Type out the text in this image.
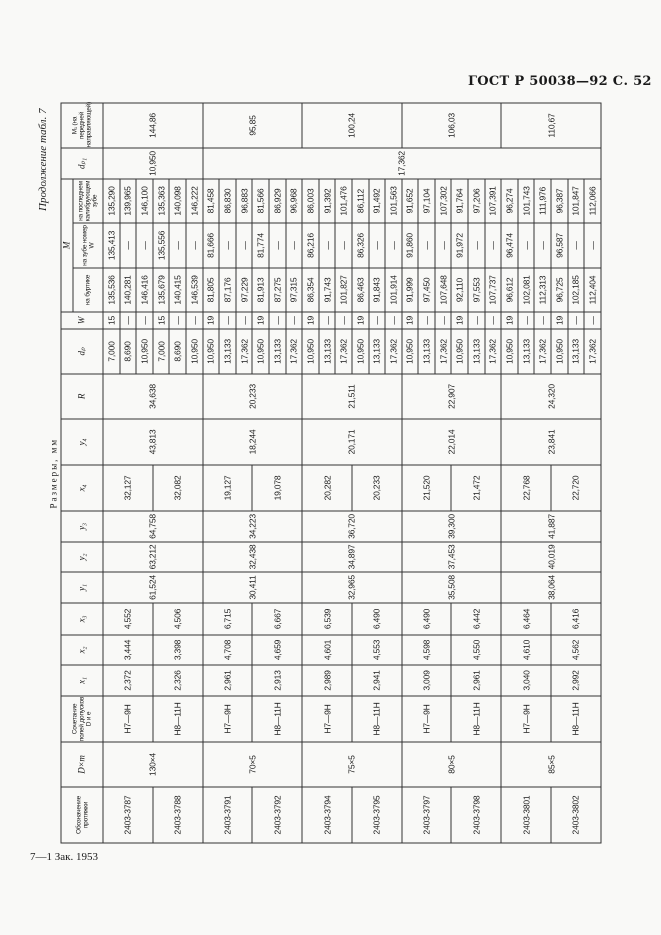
ГОСТ Р 50038—92 С. 52
Продолжение табл. 7
7—1 Зак. 1953
Размеры, мм
Обозначение протяжки	D×m	Сочетание полей допусков D и e	x₁	x₂	x₃	y₁	y₂	y₃	x₄	y₄	R	dₚ	W	M			dₚ₁	M₁ (на передней направляющей)
														на буртике	на зубе номер W	на последнем калибрующем зубе		
2403-3787	130×4	H7—9H	2,372	3,444	4,552	61,524	63,212	64,758	32,127	43,813	34,638	7,000	15	135,536	135,413	135,290	10,950	144,86
												8,690	—	140,281	—	139,965		
												10,950	—	146,416	—	146,100		
2403-3788		H8—11H	2,326	3,398	4,506				32,082			7,000	15	135,679	135,556	135,363		
												8,690	—	140,415	—	140,098		
												10,950	—	146,539	—	146,222		
2403-3791	70×5	H7—9H	2,961	4,708	6,715	30,411	32,438	34,223	19,127	18,244	20,233	10,950	19	81,805	81,666	81,458	17,362	95,85
												13,133	—	87,176	—	86,830		
												17,362	—	97,229	—	96,883		
2403-3792		H8—11H	2,913	4,659	6,667				19,078			10,950	19	81,913	81,774	81,566		
												13,133	—	87,275	—	86,929		
												17,362	—	97,315	—	96,968		
2403-3794	75×5	H7—9H	2,989	4,601	6,539	32,965	34,897	36,720	20,282	20,171	21,511	10,950	19	86,354	86,216	86,003		100,24
												13,133	—	91,743	—	91,392		
												17,362	—	101,827	—	101,476		
2403-3795		H8—11H	2,941	4,553	6,490				20,233			10,950	19	86,463	86,326	86,112		
												13,133	—	91,843	—	91,492		
												17,362	—	101,914	—	101,563		
2403-3797	80×5	H7—9H	3,009	4,598	6,490	35,508	37,453	39,300	21,520	22,014	22,907	10,950	19	91,999	91,860	91,652		106,03
												13,133	—	97,450	—	97,104		
												17,362	—	107,648	—	107,302		
2403-3798		H8—11H	2,961	4,550	6,442				21,472			10,950	19	92,110	91,972	91,764		
												13,133	—	97,553	—	97,206		
												17,362	—	107,737	—	107,391		
2403-3801	85×5	H7—9H	3,040	4,610	6,464	38,064	40,019	41,887	22,768	23,841	24,320	10,950	19	96,612	96,474	96,274		110,67
												13,133	—	102,081	—	101,743		
												17,362	—	112,313	—	111,976		
2403-3802		H8—11H	2,992	4,562	6,416				22,720			10,950	19	96,725	96,587	96,387		
												13,133	—	102,185	—	101,847		
												17,362	—	112,404	—	112,066		
